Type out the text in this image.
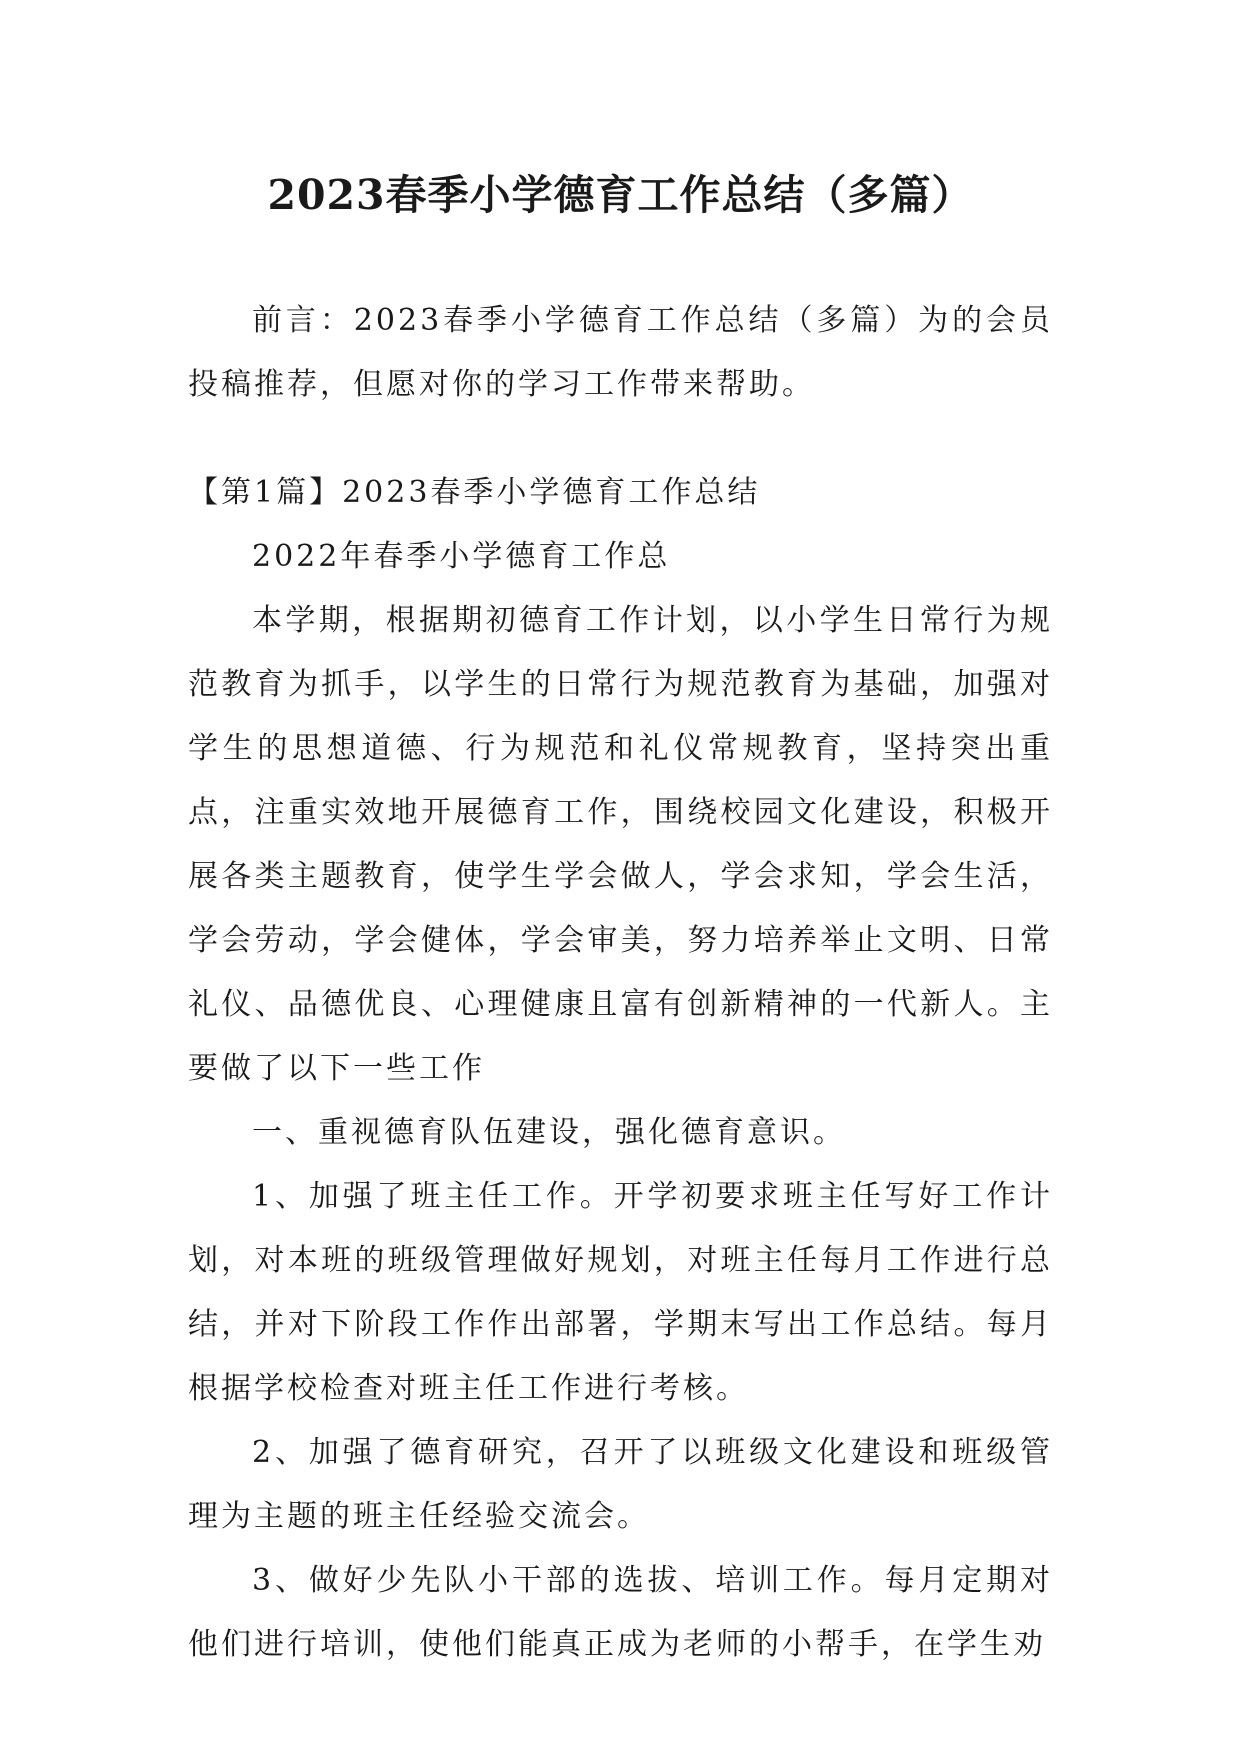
2023春季小学德育工作总结（多篇）

前言：2023春季小学德育工作总结（多篇）为的会员投稿推荐，但愿对你的学习工作带来帮助。

【第1篇】2023春季小学德育工作总结

2022年春季小学德育工作总

本学期，根据期初德育工作计划，以小学生日常行为规范教育为抓手，以学生的日常行为规范教育为基础，加强对学生的思想道德、行为规范和礼仪常规教育，坚持突出重点，注重实效地开展德育工作，围绕校园文化建设，积极开展各类主题教育，使学生学会做人，学会求知，学会生活，学会劳动，学会健体，学会审美，努力培养举止文明、日常礼仪、品德优良、心理健康且富有创新精神的一代新人。主要做了以下一些工作

一、重视德育队伍建设，强化德育意识。

1、加强了班主任工作。开学初要求班主任写好工作计划，对本班的班级管理做好规划，对班主任每月工作进行总结，并对下阶段工作作出部署，学期末写出工作总结。每月根据学校检查对班主任工作进行考核。

2、加强了德育研究，召开了以班级文化建设和班级管理为主题的班主任经验交流会。

3、做好少先队小干部的选拔、培训工作。每月定期对他们进行培训，使他们能真正成为老师的小帮手，在学生劝
